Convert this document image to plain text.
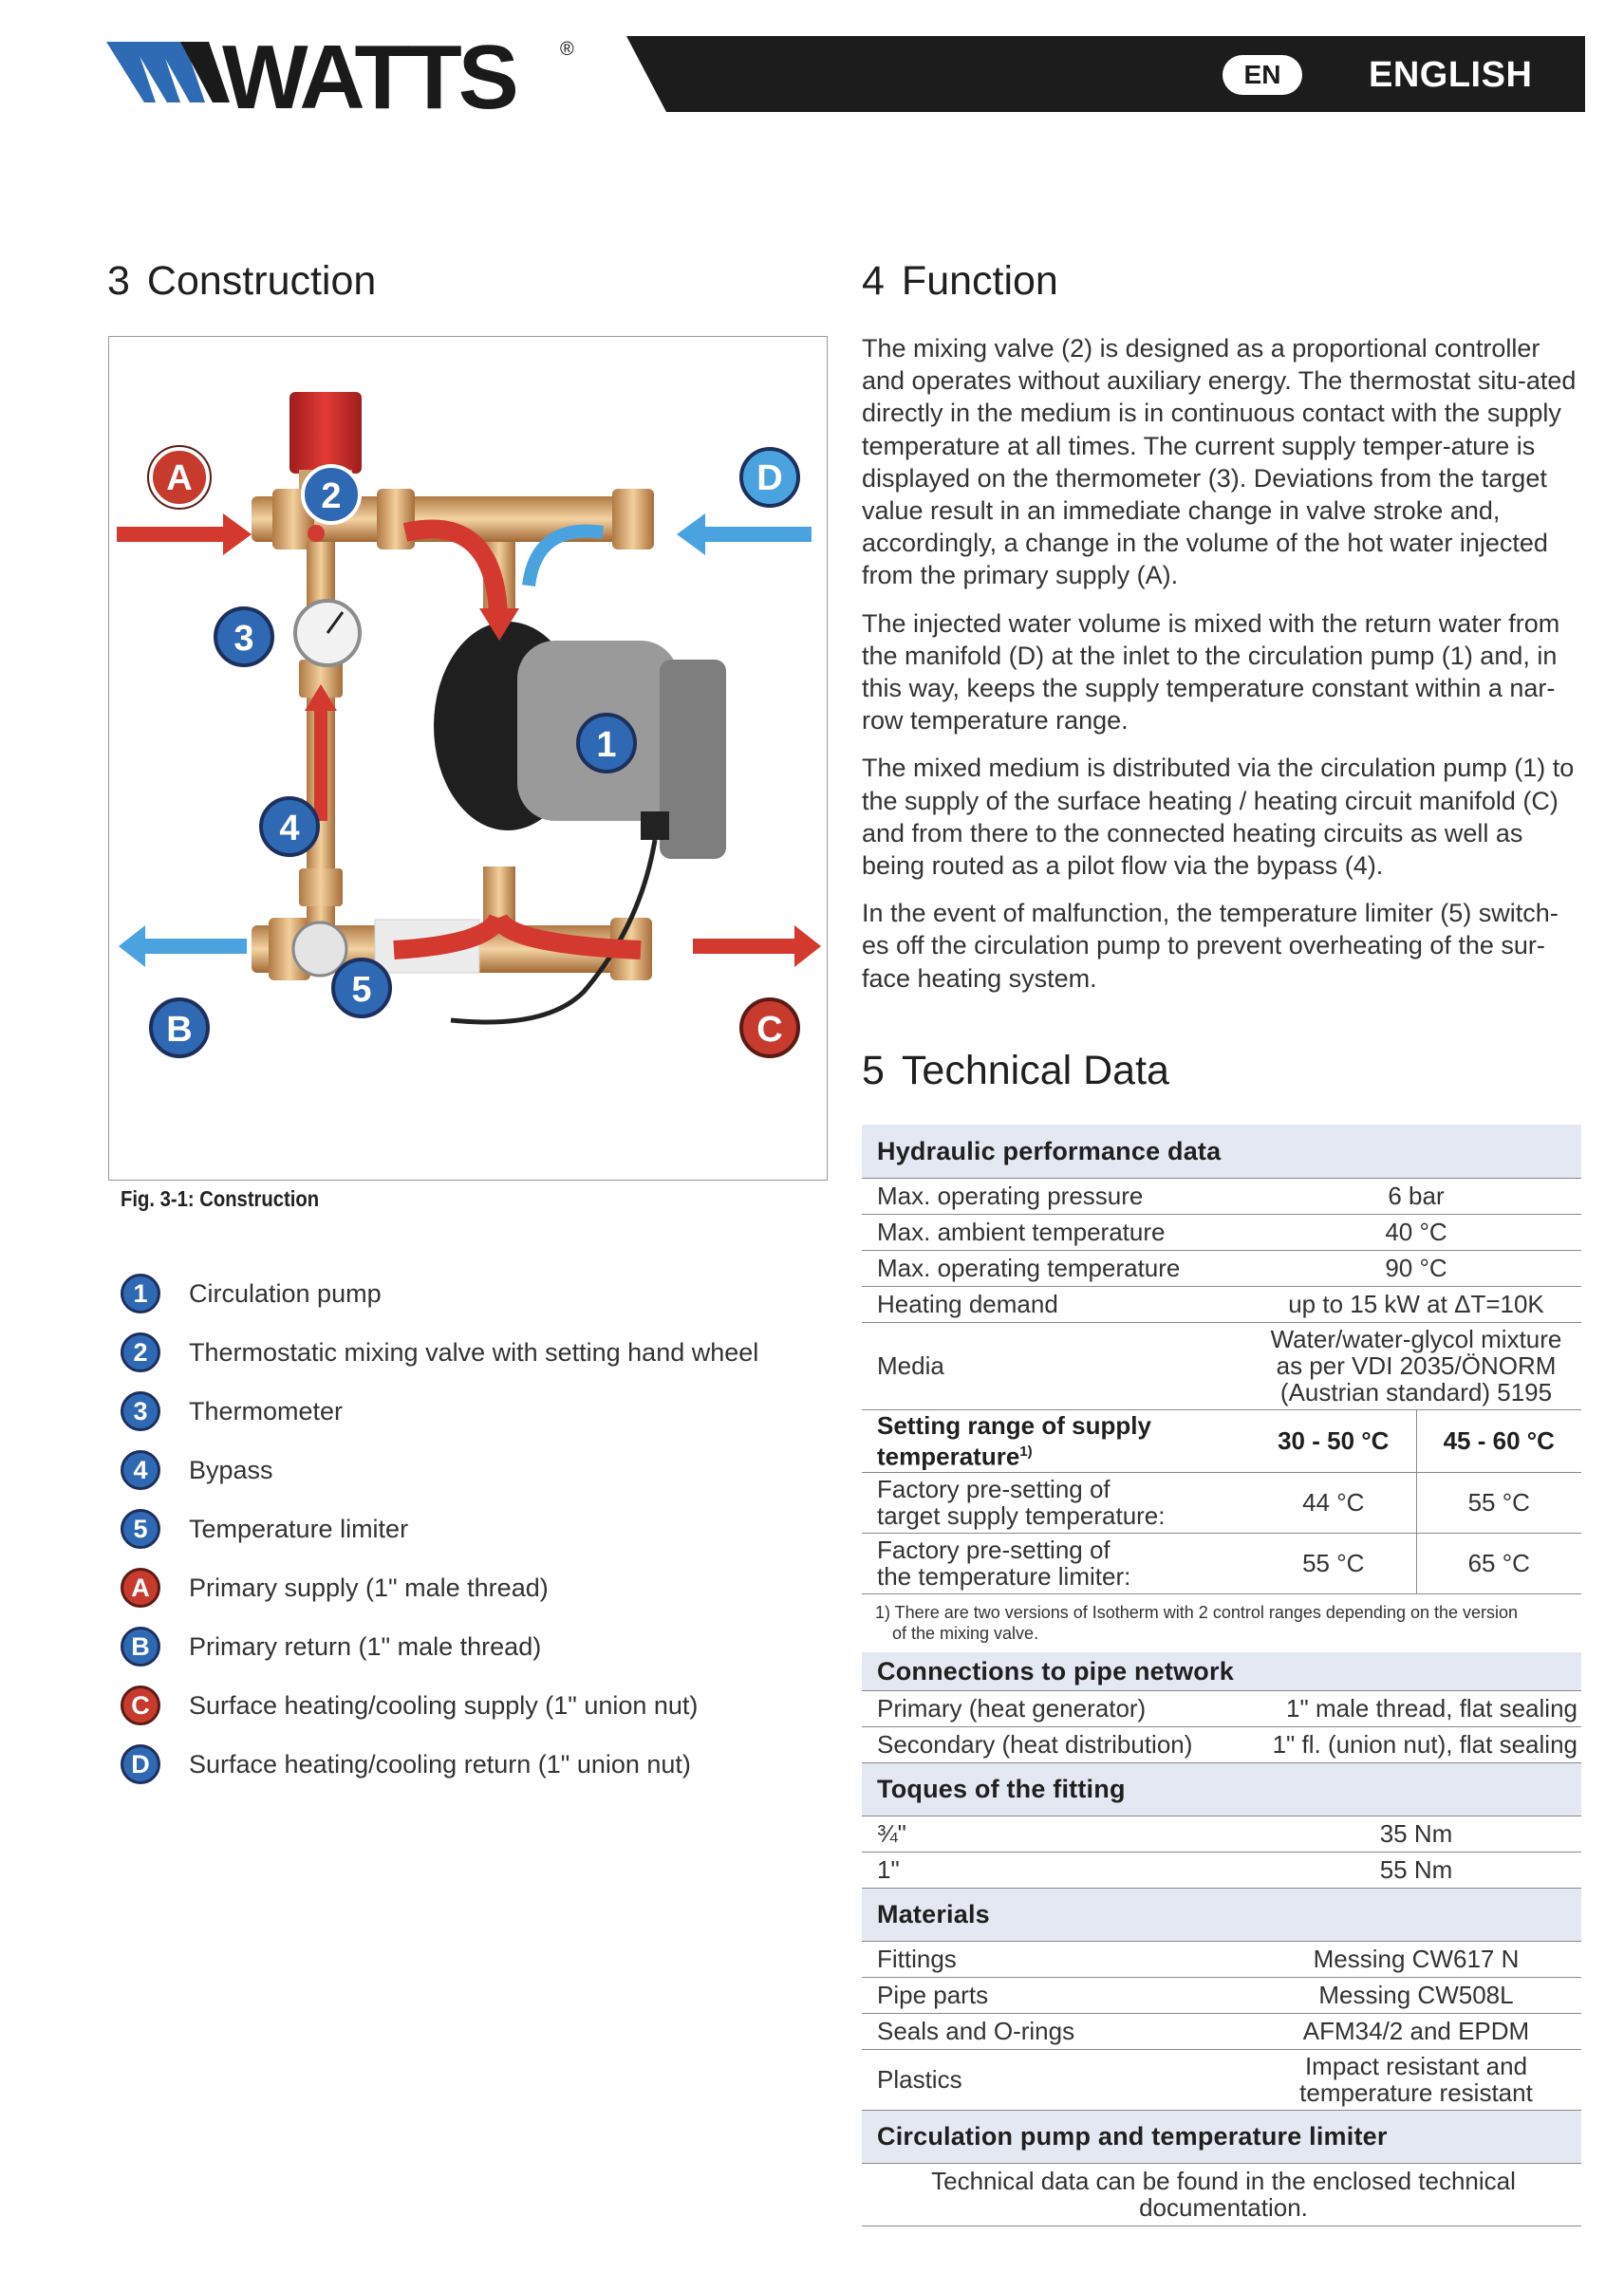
WATTS ®
EN	ENGLISH
3 Construction
A	2	D
3
1
4
5
B	C
Fig. 3-1: Construction
1	Circulation pump
2	Thermostatic mixing valve with setting hand wheel
3	Thermometer
4	Bypass
5	Temperature limiter
A	Primary supply (1" male thread)
B	Primary return (1" male thread)
C	Surface heating/cooling supply (1" union nut)
D	Surface heating/cooling return (1" union nut)
4 Function

The mixing valve (2) is designed as a proportional controller and operates without auxiliary energy. The thermostat situ-ated directly in the medium is in continuous contact with the supply temperature at all times. The current supply temper-ature is displayed on the thermometer (3). Deviations from the target value result in an immediate change in valve stroke and, accordingly, a change in the volume of the hot water injected from the primary supply (A).

The injected water volume is mixed with the return water from the manifold (D) at the inlet to the circulation pump (1) and, in this way, keeps the supply temperature constant within a nar-row temperature range.

The mixed medium is distributed via the circulation pump (1) to the supply of the surface heating / heating circuit manifold (C) and from there to the connected heating circuits as well as being routed as a pilot flow via the bypass (4).

In the event of malfunction, the temperature limiter (5) switch-es off the circulation pump to prevent overheating of the sur-face heating system.

5 Technical Data
Hydraulic performance data		
Max. operating pressure	6 bar	
Max. ambient temperature	40 °C	
Max. operating temperature	90 °C	
Heating demand	up to 15 kW at ΔT=10K	
Media	Water/water-glycol mixture
as per VDI 2035/ÖNORM
(Austrian standard) 5195	

Setting range of supply
temperature$^{1)}$	30 - 50 °C	45 - 60 °C

Factory pre-setting of
target supply temperature:	44 °C	55 °C

Factory pre-setting of
the temperature limiter:	55 °C	65 °C

1) There are two versions of Isotherm with 2 control ranges depending on the version
of the mixing valve.		

Connections to pipe network		
Primary (heat generator)	1" male thread, flat sealing	
Secondary (heat distribution)	1" fl. (union nut), flat sealing	
Toques of the fitting		
¾"	35 Nm	
1"	55 Nm	
Materials		
Fittings	Messing CW617 N	
Pipe parts	Messing CW508L	
Seals and O-rings	AFM34/2 and EPDM	
Plastics	Impact resistant and
temperature resistant	

Circulation pump and temperature limiter		

Technical data can be found in the enclosed technical
documentation.		
